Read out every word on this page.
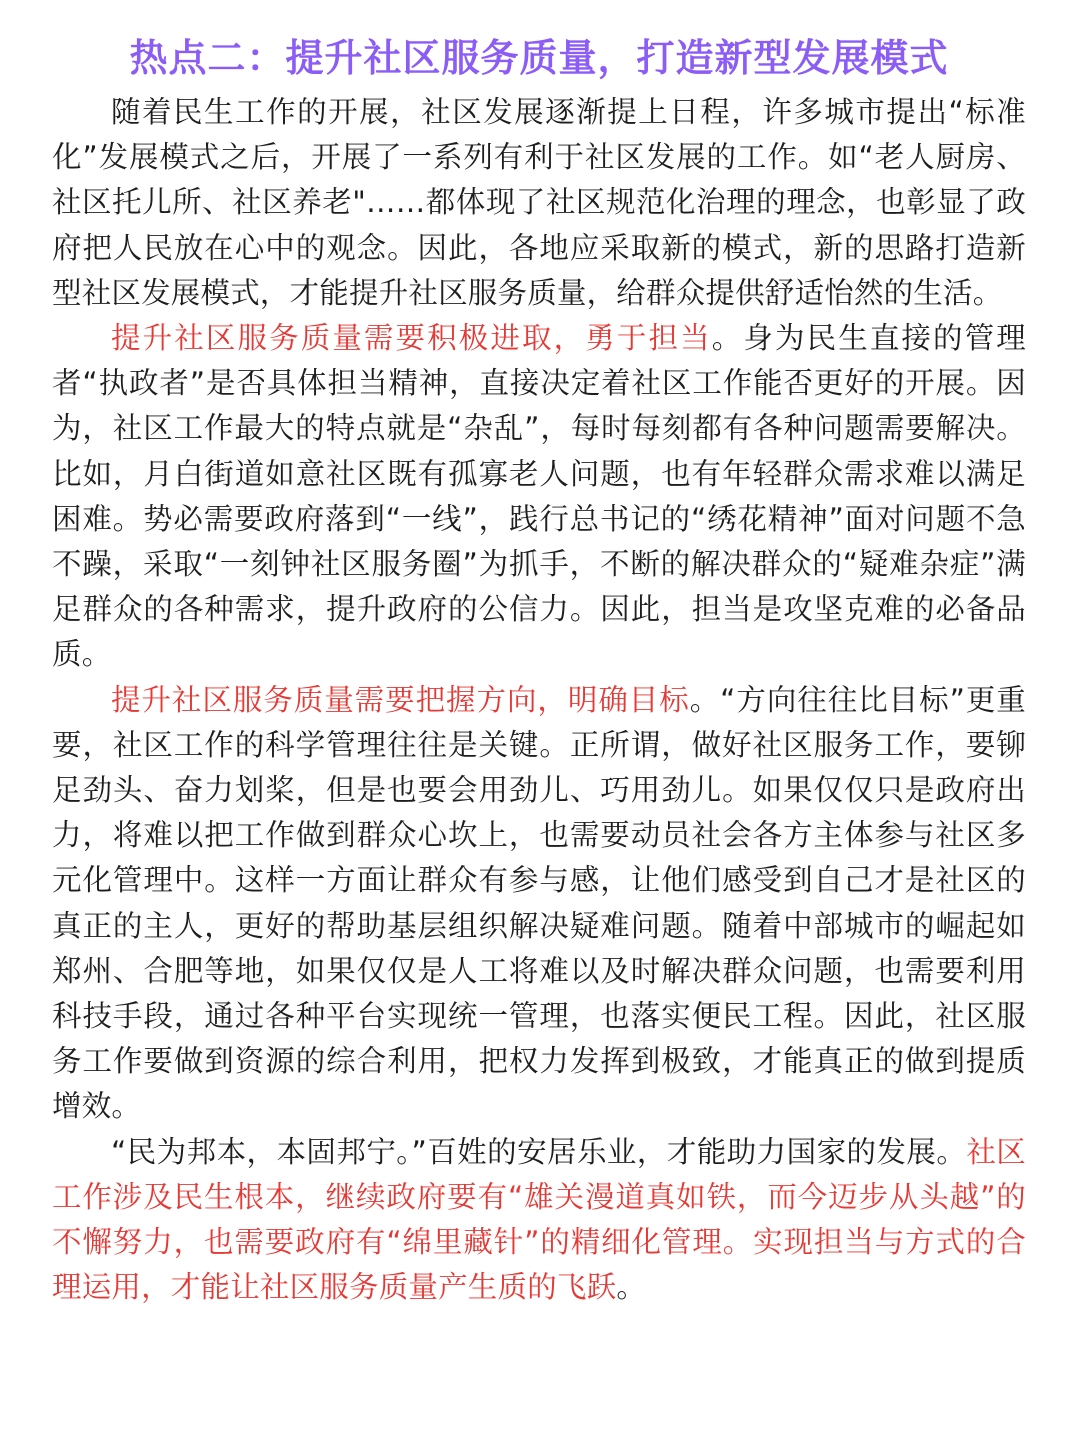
热点二：提升社区服务质量，打造新型发展模式

随着民生工作的开展，社区发展逐渐提上日程，许多城市提出“标准化”发展模式之后，开展了一系列有利于社区发展的工作。如“老人厨房、社区托儿所、社区养老"……都体现了社区规范化治理的理念，也彰显了政府把人民放在心中的观念。因此，各地应采取新的模式，新的思路打造新型社区发展模式，才能提升社区服务质量，给群众提供舒适怡然的生活。

提升社区服务质量需要积极进取，勇于担当。身为民生直接的管理者“执政者”是否具体担当精神，直接决定着社区工作能否更好的开展。因为，社区工作最大的特点就是“杂乱”，每时每刻都有各种问题需要解决。比如，月白街道如意社区既有孤寡老人问题，也有年轻群众需求难以满足困难。势必需要政府落到“一线”，践行总书记的“绣花精神”面对问题不急不躁，采取“一刻钟社区服务圈”为抓手，不断的解决群众的“疑难杂症”满足群众的各种需求，提升政府的公信力。因此，担当是攻坚克难的必备品质。

提升社区服务质量需要把握方向，明确目标。“方向往往比目标”更重要，社区工作的科学管理往往是关键。正所谓，做好社区服务工作，要铆足劲头、奋力划桨，但是也要会用劲儿、巧用劲儿。如果仅仅只是政府出力，将难以把工作做到群众心坎上，也需要动员社会各方主体参与社区多元化管理中。这样一方面让群众有参与感，让他们感受到自己才是社区的真正的主人，更好的帮助基层组织解决疑难问题。随着中部城市的崛起如郑州、合肥等地，如果仅仅是人工将难以及时解决群众问题，也需要利用科技手段，通过各种平台实现统一管理，也落实便民工程。因此，社区服务工作要做到资源的综合利用，把权力发挥到极致，才能真正的做到提质增效。

“民为邦本，本固邦宁。”百姓的安居乐业，才能助力国家的发展。社区工作涉及民生根本，继续政府要有“雄关漫道真如铁，而今迈步从头越”的不懈努力，也需要政府有“绵里藏针”的精细化管理。实现担当与方式的合理运用，才能让社区服务质量产生质的飞跃。
